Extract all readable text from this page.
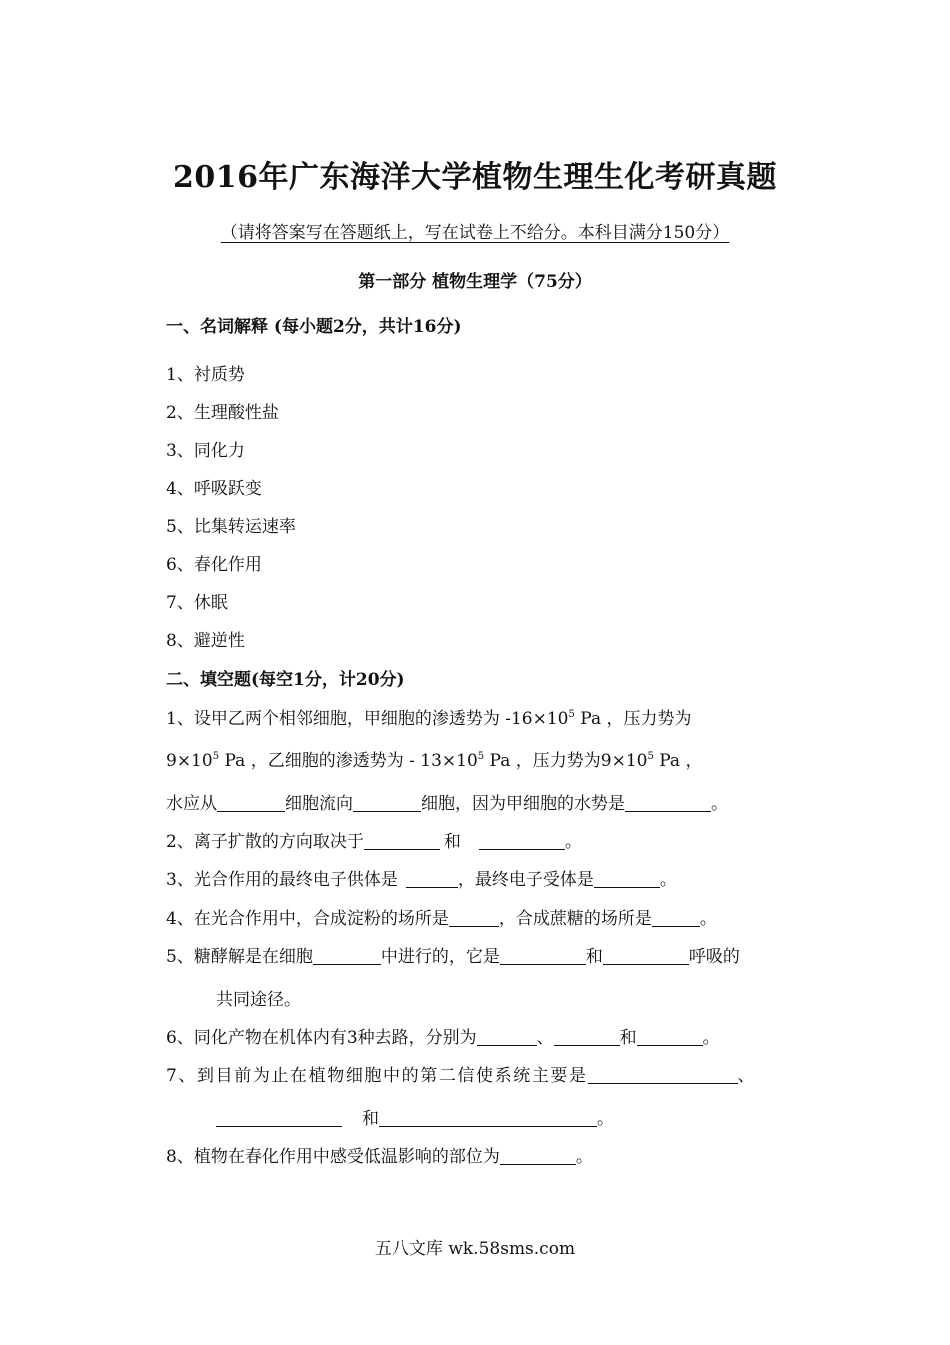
2016年广东海洋大学植物生理生化考研真题
（请将答案写在答题纸上，写在试卷上不给分。本科目满分150分）
第一部分 植物生理学（75分）
一、名词解释 (每小题2分，共计16分)
1、衬质势
2、生理酸性盐
3、同化力
4、呼吸跃变
5、比集转运速率
6、春化作用
7、休眠
8、避逆性
二、填空题(每空1分，计20分)
1、设甲乙两个相邻细胞，甲细胞的渗透势为 $-16\times 10^5$ Pa ，压力势为
$9\times 10^5$ Pa ，乙细胞的渗透势为 - $13\times 10^5$ Pa ，压力势为$9\times 10^5$ Pa ，
水应从	细胞流向	细胞，因为甲细胞的水势是	。
2、离子扩散的方向取决于	和	。
3、光合作用的最终电子供体是	，最终电子受体是	。
4、在光合作用中，合成淀粉的场所是	，合成蔗糖的场所是	。
5、糖酵解是在细胞	中进行的，它是	和	呼吸的
共同途径。
6、同化产物在机体内有3种去路，分别为	、	和	。
7、到目前为止在植物细胞中的第二信使系统主要是	、
和	。
8、植物在春化作用中感受低温影响的部位为	。
五八文库 wk.58sms.com
